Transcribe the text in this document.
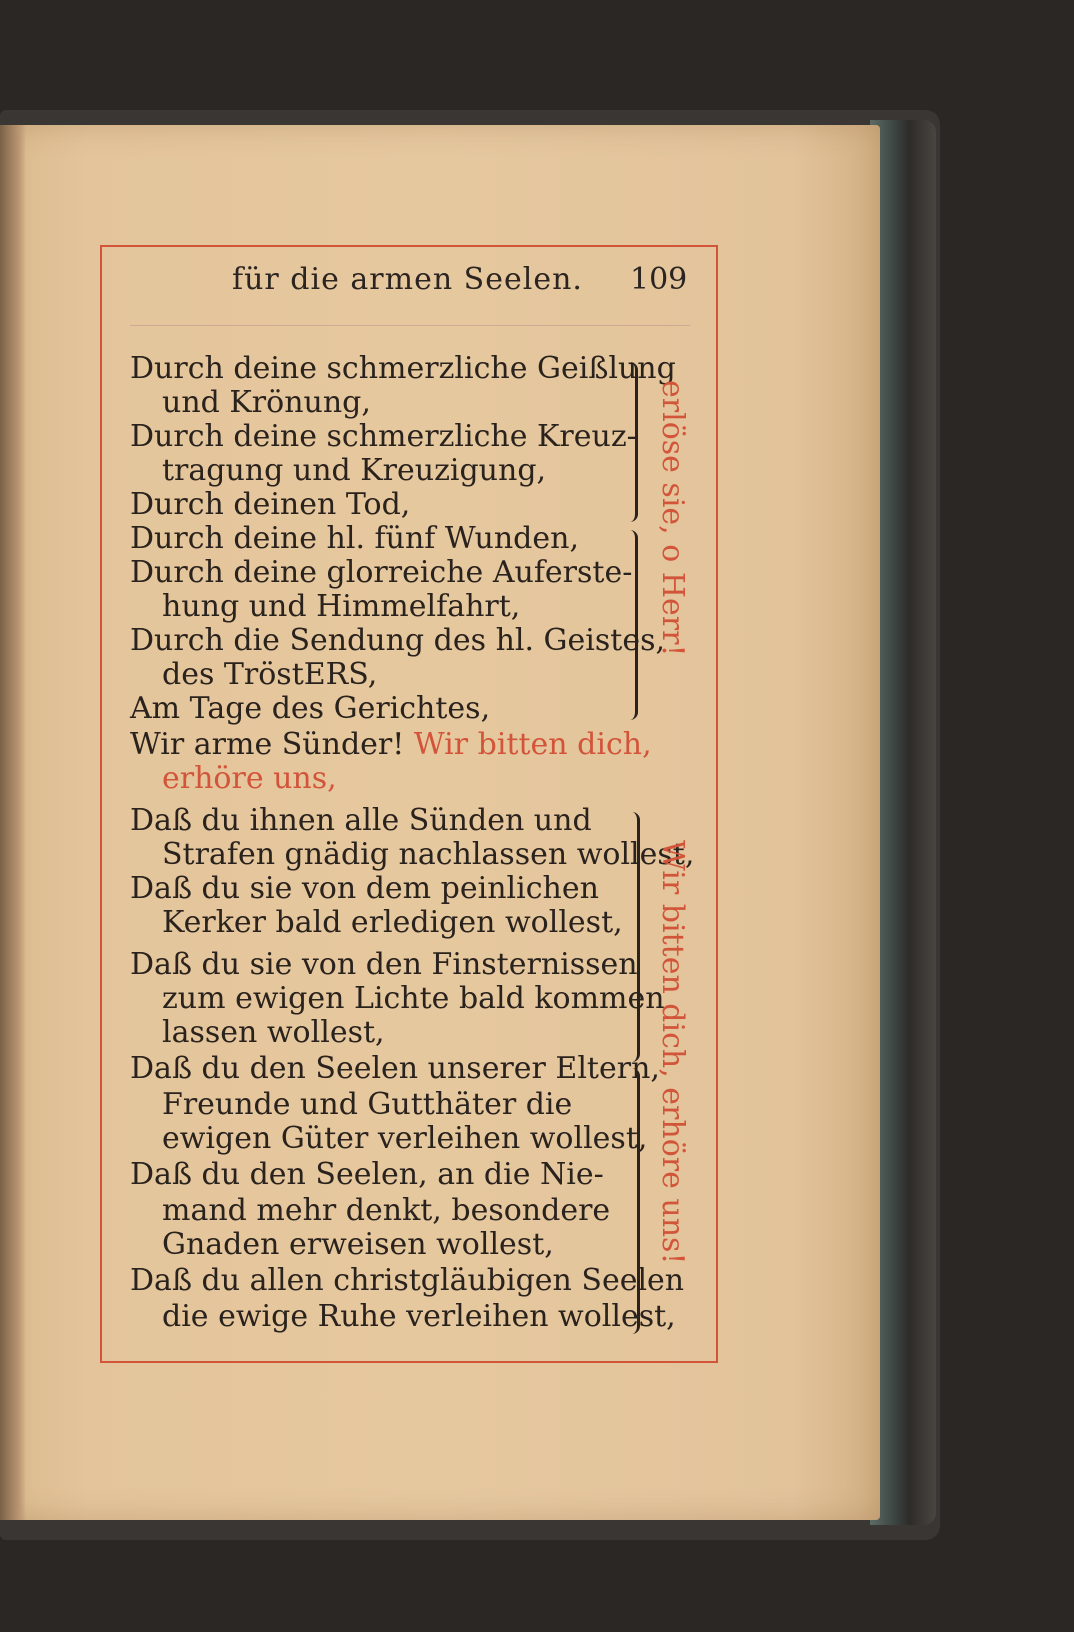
für die armen Seelen. 109
Durch deine schmerzliche Geißlung
und Krönung,
Durch deine schmerzliche Kreuz-
tragung und Kreuzigung,
Durch deinen Tod,
Durch deine hl. fünf Wunden,
Durch deine glorreiche Auferste-
hung und Himmelfahrt,
Durch die Sendung des hl. Geistes,
des TröstERS,
Am Tage des Gerichtes,
Wir arme Sünder! Wir bitten dich,
erhöre uns,
Daß du ihnen alle Sünden und
Strafen gnädig nachlassen wollest,
Daß du sie von dem peinlichen
Kerker bald erledigen wollest,
Daß du sie von den Finsternissen
zum ewigen Lichte bald kommen
lassen wollest,
Daß du den Seelen unserer Eltern,
Freunde und Gutthäter die
ewigen Güter verleihen wollest,
Daß du den Seelen, an die Nie-
mand mehr denkt, besondere
Gnaden erweisen wollest,
Daß du allen christgläubigen Seelen
die ewige Ruhe verleihen wollest,
erlöse sie, o Herr!
Wir bitten dich, erhöre uns!
